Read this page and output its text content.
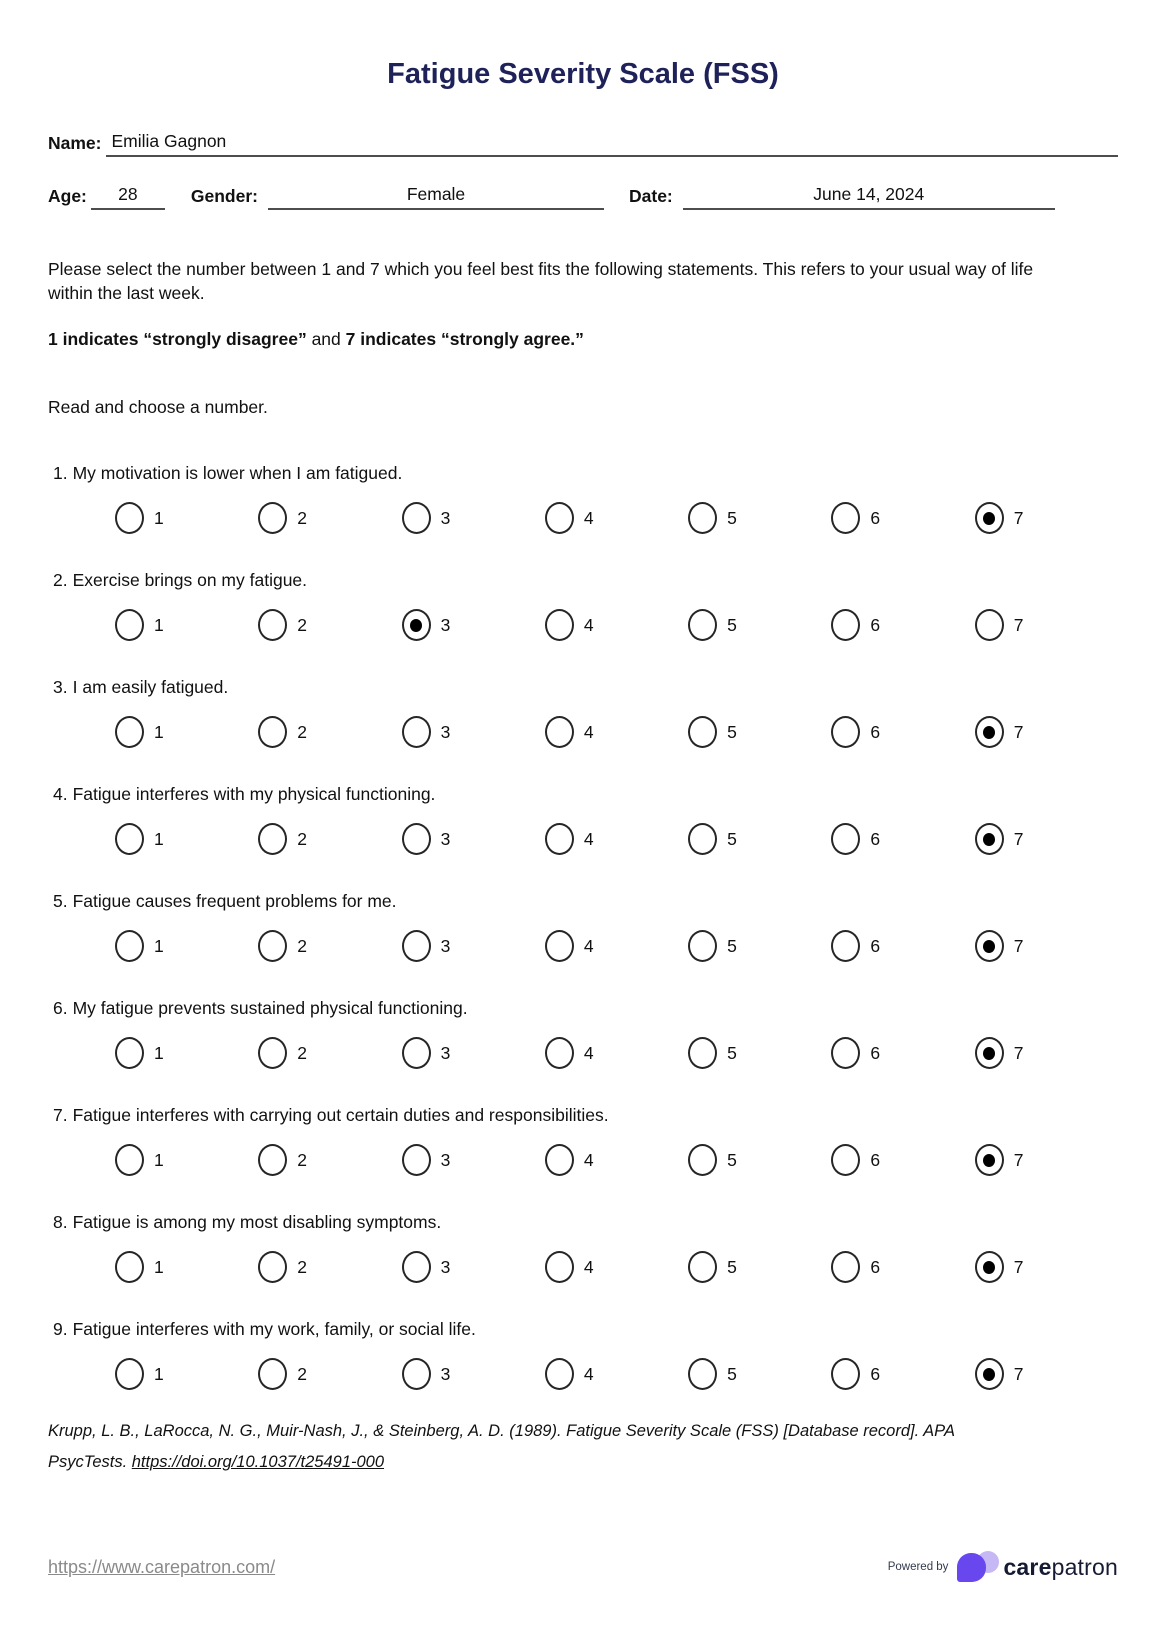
Fatigue Severity Scale (FSS)
Name: Emilia Gagnon
Age:	28	Gender:	Female	Date:	June 14, 2024
Please select the number between 1 and 7 which you feel best fits the following statements. This refers to your usual way of life within the last week.
1 indicates “strongly disagree” and 7 indicates “strongly agree.”
Read and choose a number.
1. My motivation is lower when I am fatigued.
1	2	3	4	5	6	7
2. Exercise brings on my fatigue.
1	2	3	4	5	6	7
3. I am easily fatigued.
1	2	3	4	5	6	7
4. Fatigue interferes with my physical functioning.
1	2	3	4	5	6	7
5. Fatigue causes frequent problems for me.
1	2	3	4	5	6	7
6. My fatigue prevents sustained physical functioning.
1	2	3	4	5	6	7
7. Fatigue interferes with carrying out certain duties and responsibilities.
1	2	3	4	5	6	7
8. Fatigue is among my most disabling symptoms.
1	2	3	4	5	6	7
9. Fatigue interferes with my work, family, or social life.
1	2	3	4	5	6	7
Krupp, L. B., LaRocca, N. G., Muir-Nash, J., & Steinberg, A. D. (1989). Fatigue Severity Scale (FSS) [Database record]. APA PsycTests. https://doi.org/10.1037/t25491-000
https://www.carepatron.com/	Powered by carepatron
